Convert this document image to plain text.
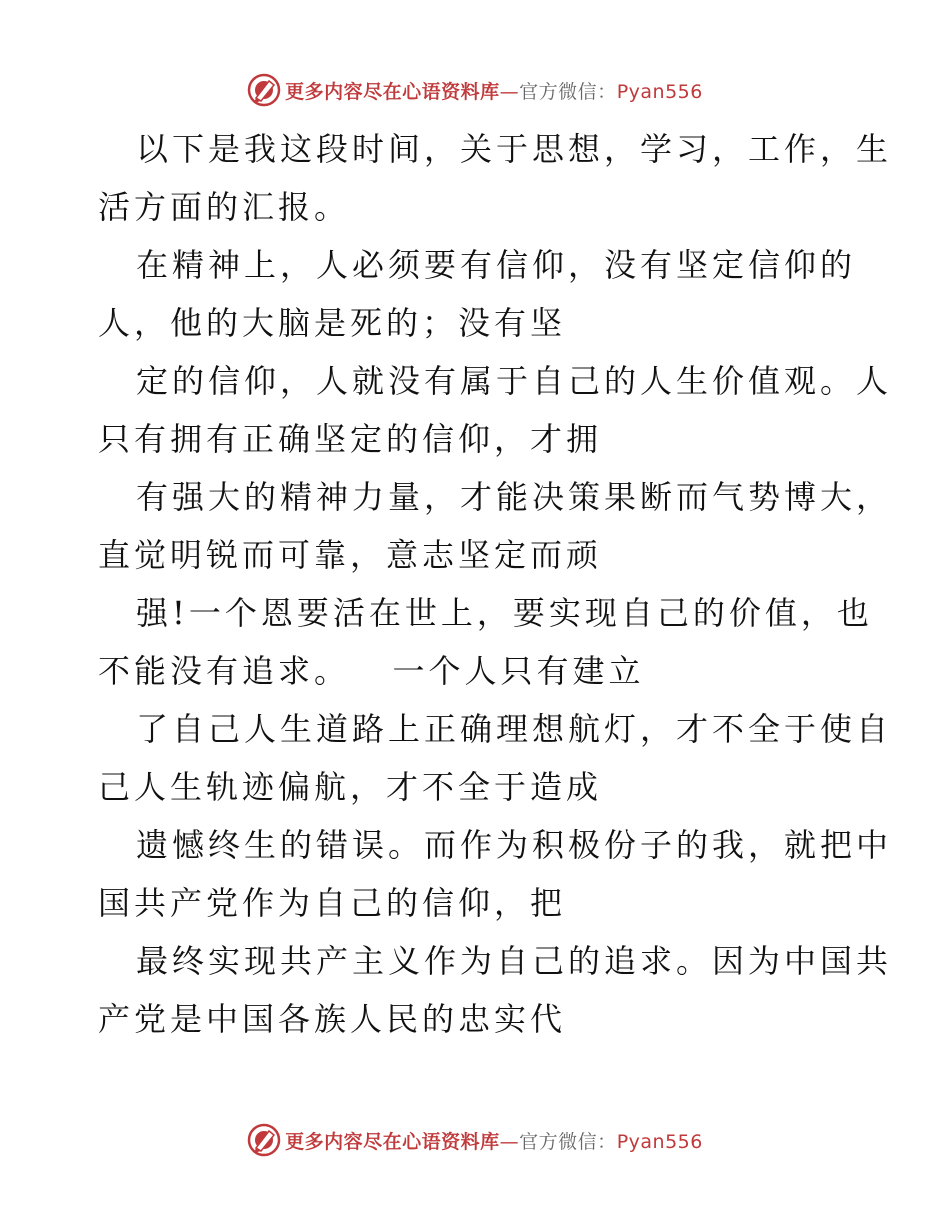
更多内容尽在心语资料库—官方微信：Pyan556
以下是我这段时间，关于思想，学习，工作，生
活方面的汇报。
在精神上，人必须要有信仰，没有坚定信仰的
人，他的大脑是死的；没有坚
定的信仰，人就没有属于自己的人生价值观。人
只有拥有正确坚定的信仰，才拥
有强大的精神力量，才能决策果断而气势博大，
直觉明锐而可靠，意志坚定而顽
强!一个恩要活在世上，要实现自己的价值，也
不能没有追求。   一个人只有建立
了自己人生道路上正确理想航灯，才不全于使自
己人生轨迹偏航，才不全于造成
遗憾终生的错误。而作为积极份子的我，就把中
国共产党作为自己的信仰，把
最终实现共产主义作为自己的追求。因为中国共
产党是中国各族人民的忠实代
更多内容尽在心语资料库—官方微信：Pyan556
